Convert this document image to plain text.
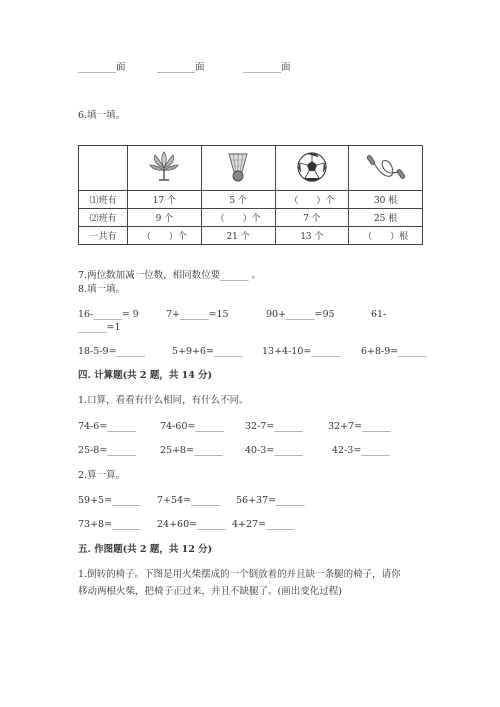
________面	________面	________面
6.填一填。

⑴班有	17 个	5 个	（　　）个	30 根
⑵班有	9 个	（　　）个	7 个	25 根
一共有	（　　）个	21 个	13 个	（　　）根
7.两位数加减一位数，相同数位要______ 。
8.填一填。
16-______= 9	7+______=15	90+______=95	61-
______=1
18-5-9=______	5+9+6=______ 13+4-10=______ 6+8-9=______
四. 计算题(共 2 题，共 14 分)
1.口算，看看有什么相同，有什么不同。
74-6=______	74-60=______ 32-7=______	32+7=______
25-8=______	25+8=______ 40-3=______	42-3=______
2.算一算。
59+5=______ 7+54=______ 56+37=______
73+8=______ 24+60=______ 4+27=______
五. 作图题(共 2 题，共 12 分)
1.倒转的椅子。下图是用火柴摆成的一个倒放着的并且缺一条腿的椅子，请你
移动两根火柴，把椅子正过来，并且不缺腿了。(画出变化过程)
